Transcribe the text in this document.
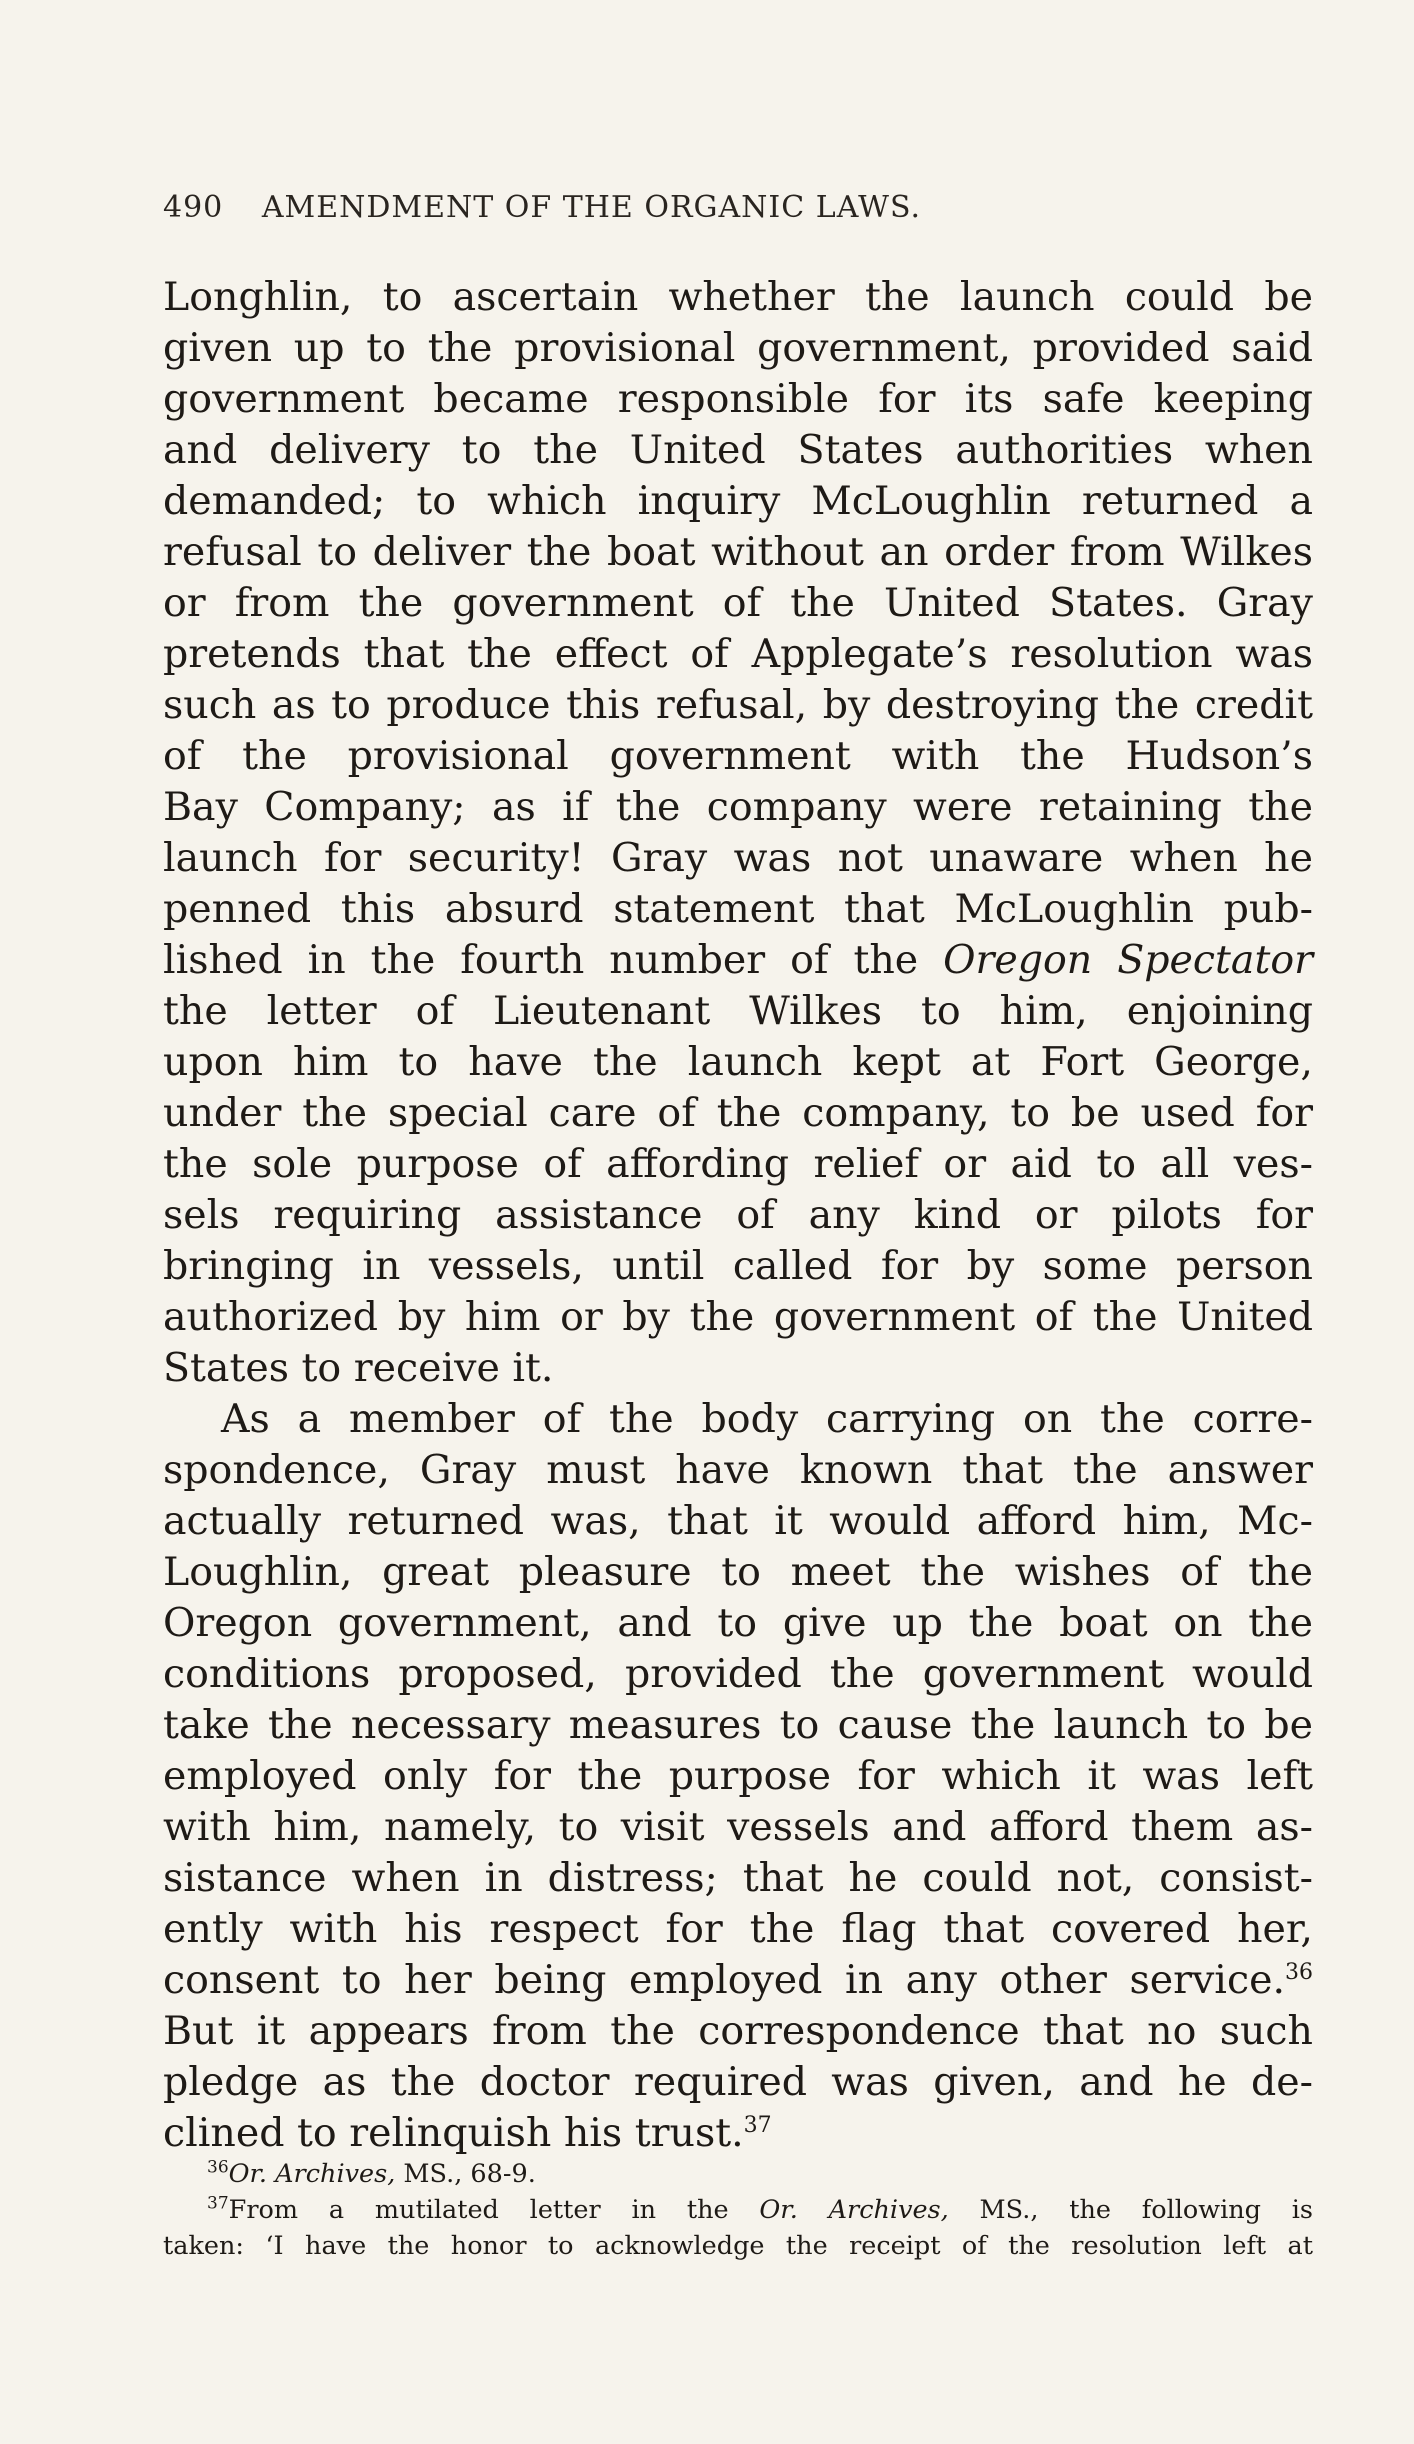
490 AMENDMENT OF THE ORGANIC LAWS.
Longhlin, to ascertain whether the launch could be
given up to the provisional government, provided said
government became responsible for its safe keeping
and delivery to the United States authorities when
demanded; to which inquiry McLoughlin returned a
refusal to deliver the boat without an order from Wilkes
or from the government of the United States. Gray
pretends that the effect of Applegate’s resolution was
such as to produce this refusal, by destroying the credit
of the provisional government with the Hudson’s
Bay Company; as if the company were retaining the
launch for security! Gray was not unaware when he
penned this absurd statement that McLoughlin pub-
lished in the fourth number of the Oregon Spectator
the letter of Lieutenant Wilkes to him, enjoining
upon him to have the launch kept at Fort George,
under the special care of the company, to be used for
the sole purpose of affording relief or aid to all ves-
sels requiring assistance of any kind or pilots for
bringing in vessels, until called for by some person
authorized by him or by the government of the United
States to receive it.
As a member of the body carrying on the corre-
spondence, Gray must have known that the answer
actually returned was, that it would afford him, Mc-
Loughlin, great pleasure to meet the wishes of the
Oregon government, and to give up the boat on the
conditions proposed, provided the government would
take the necessary measures to cause the launch to be
employed only for the purpose for which it was left
with him, namely, to visit vessels and afford them as-
sistance when in distress; that he could not, consist-
ently with his respect for the flag that covered her,
consent to her being employed in any other service.$^{36}$
But it appears from the correspondence that no such
pledge as the doctor required was given, and he de-
clined to relinquish his trust.$^{37}$
$^{36}$Or. Archives, MS., 68-9.
$^{37}$From a mutilated letter in the Or. Archives, MS., the following is
taken: ‘I have the honor to acknowledge the receipt of the resolution left at
